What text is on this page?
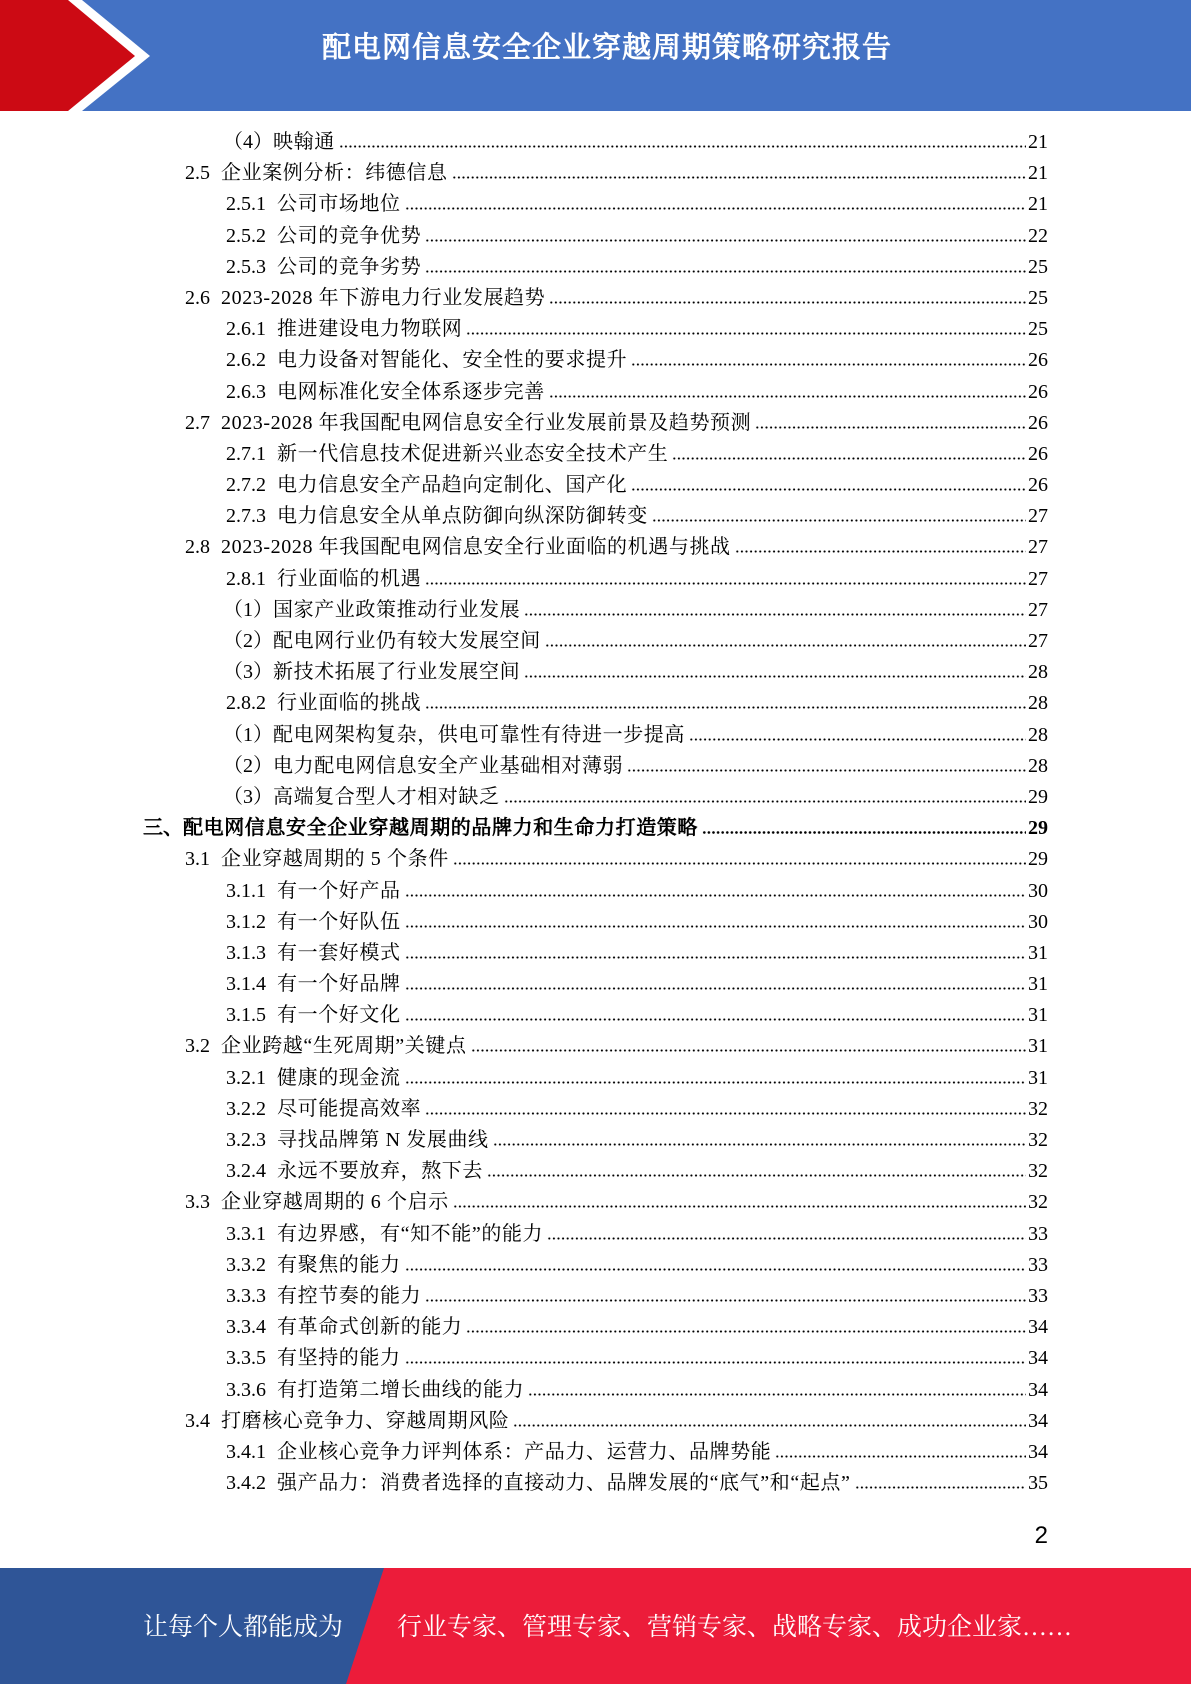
配电网信息安全企业穿越周期策略研究报告
（4） 映翰通	21
2.5 企业案例分析：纬德信息	21
2.5.1 公司市场地位	21
2.5.2 公司的竞争优势	22
2.5.3 公司的竞争劣势	25
2.6 2023-2028 年下游电力行业发展趋势	25
2.6.1 推进建设电力物联网	25
2.6.2 电力设备对智能化、安全性的要求提升	26
2.6.3 电网标准化安全体系逐步完善	26
2.7 2023-2028 年我国配电网信息安全行业发展前景及趋势预测	26
2.7.1 新一代信息技术促进新兴业态安全技术产生	26
2.7.2 电力信息安全产品趋向定制化、国产化	26
2.7.3 电力信息安全从单点防御向纵深防御转变	27
2.8 2023-2028 年我国配电网信息安全行业面临的机遇与挑战	27
2.8.1 行业面临的机遇	27
（1） 国家产业政策推动行业发展	27
（2） 配电网行业仍有较大发展空间	27
（3） 新技术拓展了行业发展空间	28
2.8.2 行业面临的挑战	28
（1） 配电网架构复杂，供电可靠性有待进一步提高	28
（2） 电力配电网信息安全产业基础相对薄弱	28
（3） 高端复合型人才相对缺乏	29
三、 配电网信息安全企业穿越周期的品牌力和生命力打造策略	29
3.1 企业穿越周期的 5 个条件	29
3.1.1 有一个好产品	30
3.1.2 有一个好队伍	30
3.1.3 有一套好模式	31
3.1.4 有一个好品牌	31
3.1.5 有一个好文化	31
3.2 企业跨越“生死周期”关键点	31
3.2.1 健康的现金流	31
3.2.2 尽可能提高效率	32
3.2.3 寻找品牌第 N 发展曲线	32
3.2.4 永远不要放弃，熬下去	32
3.3 企业穿越周期的 6 个启示	32
3.3.1 有边界感，有“知不能”的能力	33
3.3.2 有聚焦的能力	33
3.3.3 有控节奏的能力	33
3.3.4 有革命式创新的能力	34
3.3.5 有坚持的能力	34
3.3.6 有打造第二增长曲线的能力	34
3.4 打磨核心竞争力、穿越周期风险	34
3.4.1 企业核心竞争力评判体系：产品力、运营力、品牌势能	34
3.4.2 强产品力：消费者选择的直接动力、品牌发展的“底气”和“起点”	35
2
让每个人都能成为 行业专家、管理专家、营销专家、战略专家、成功企业家……
